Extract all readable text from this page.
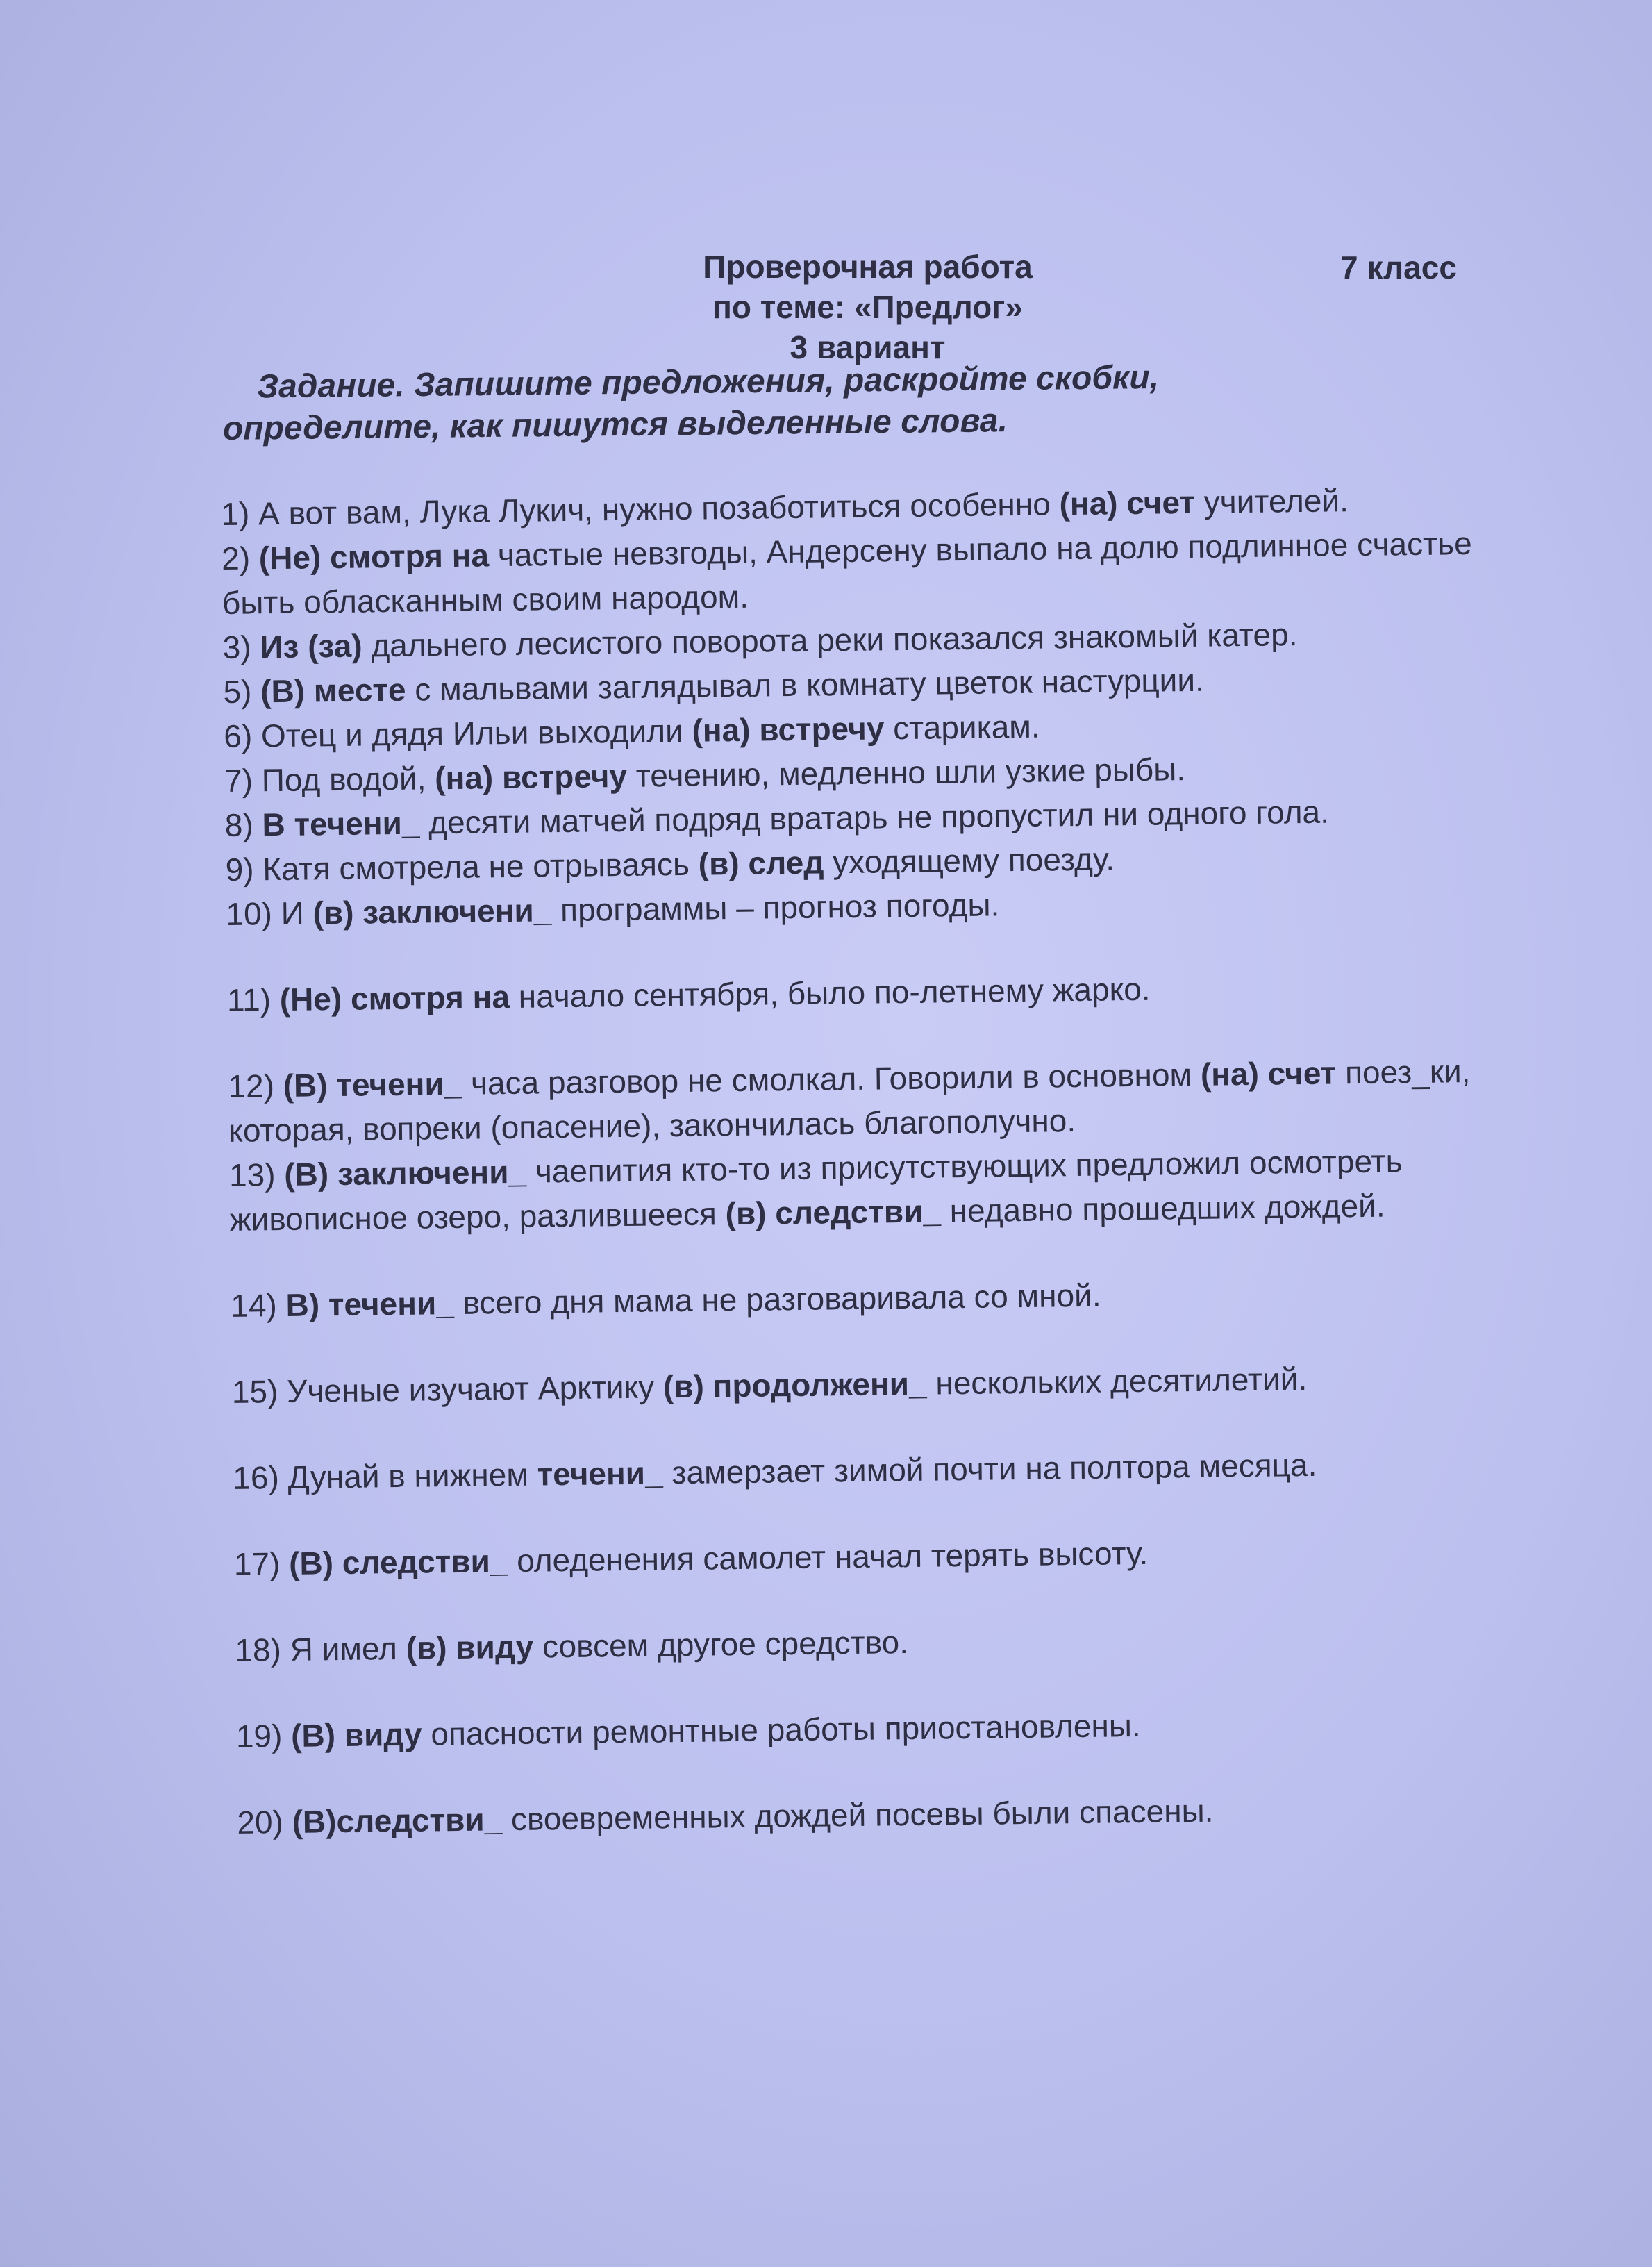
Проверочная работа
по теме: «Предлог»
3 вариант
7 класс
Задание. Запишите предложения, раскройте скобки, определите, как пишутся выделенные слова.

1) А вот вам, Лука Лукич, нужно позаботиться особенно (на) счет учителей.

2) (Не) смотря на частые невзгоды, Андерсену выпало на долю подлинное счастье быть обласканным своим народом.

3) Из (за) дальнего лесистого поворота реки показался знакомый катер.

5) (В) месте с мальвами заглядывал в комнату цветок настурции.

6) Отец и дядя Ильи выходили (на) встречу старикам.

7) Под водой, (на) встречу течению, медленно шли узкие рыбы.

8) В течени_ десяти матчей подряд вратарь не пропустил ни одного гола.

9) Катя смотрела не отрываясь (в) след уходящему поезду.

10) И (в) заключени_ программы – прогноз погоды.

11) (Не) смотря на начало сентября, было по-летнему жарко.

12) (В) течени_ часа разговор не смолкал. Говорили в основном (на) счет поез_ки, которая, вопреки (опасение), закончилась благополучно.

13) (В) заключени_ чаепития кто-то из присутствующих предложил осмотреть живописное озеро, разлившееся (в) следстви_ недавно прошедших дождей.

14) В) течени_ всего дня мама не разговаривала со мной.

15) Ученые изучают Арктику (в) продолжени_ нескольких десятилетий.

16) Дунай в нижнем течени_ замерзает зимой почти на полтора месяца.

17) (В) следстви_ оледенения самолет начал терять высоту.

18) Я имел (в) виду совсем другое средство.

19) (В) виду опасности ремонтные работы приостановлены.

20) (В)следстви_ своевременных дождей посевы были спасены.
